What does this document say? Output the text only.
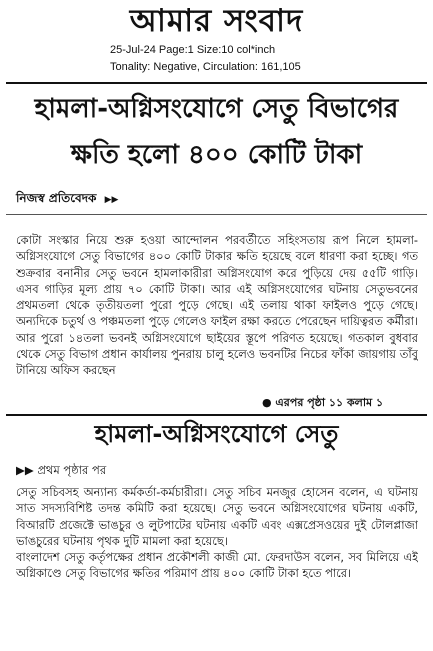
আমার সংবাদ
25-Jul-24 Page:1 Size:10 col*inch
Tonality: Negative, Circulation: 161,105
হামলা-অগ্নিসংযোগে সেতু বিভাগের
ক্ষতি হলো ৪০০ কোটি টাকা
নিজস্ব প্রতিবেদক ▶▶

কোটা সংস্কার নিয়ে শুরু হওয়া আন্দোলন পরবর্তীতে সহিংসতায় রূপ নিলে হামলা-অগ্নিসংযোগে সেতু বিভাগের ৪০০ কোটি টাকার ক্ষতি হয়েছে বলে ধারণা করা হচ্ছে। গত শুক্রবার বনানীর সেতু ভবনে হামলাকারীরা অগ্নিসংযোগ করে পুড়িয়ে দেয় ৫৫টি গাড়ি। এসব গাড়ির মূল্য প্রায় ৭০ কোটি টাকা। আর এই অগ্নিসংযোগের ঘটনায় সেতুভবনের প্রথমতলা থেকে তৃতীয়তলা পুরো পুড়ে গেছে। এই তলায় থাকা ফাইলও পুড়ে গেছে। অন্যদিকে চতুর্থ ও পঞ্চমতলা পুড়ে গেলেও ফাইল রক্ষা করতে পেরেছেন দায়িত্বরত কর্মীরা। আর পুরো ১৪তলা ভবনই অগ্নিসংযোগে ছাইয়ের স্তূপে পরিণত হয়েছে। গতকাল বুধবার থেকে সেতু বিভাগ প্রধান কার্যালয় পুনরায় চালু হলেও ভবনটির নিচের ফাঁকা জায়গায় তাঁবু টানিয়ে অফিস করছেন

● এরপর পৃষ্ঠা ১১ কলাম ১
হামলা-অগ্নিসংযোগে সেতু
▶▶ প্রথম পৃষ্ঠার পর

সেতু সচিবসহ অন্যান্য কর্মকর্তা-কর্মচারীরা। সেতু সচিব মনজুর হোসেন বলেন, এ ঘটনায় সাত সদস্যবিশিষ্ট তদন্ত কমিটি করা হয়েছে। সেতু ভবনে অগ্নিসংযোগের ঘটনায় একটি, বিআরটি প্রজেক্টে ভাঙচুর ও লুটপাটের ঘটনায় একটি এবং এক্সপ্রেসওয়ের দুই টোলপ্লাজা ভাঙচুরের ঘটনায় পৃথক দুটি মামলা করা হয়েছে।

বাংলাদেশ সেতু কর্তৃপক্ষের প্রধান প্রকৌশলী কাজী মো. ফেরদাউস বলেন, সব মিলিয়ে এই অগ্নিকাণ্ডে সেতু বিভাগের ক্ষতির পরিমাণ প্রায় ৪০০ কোটি টাকা হতে পারে।
